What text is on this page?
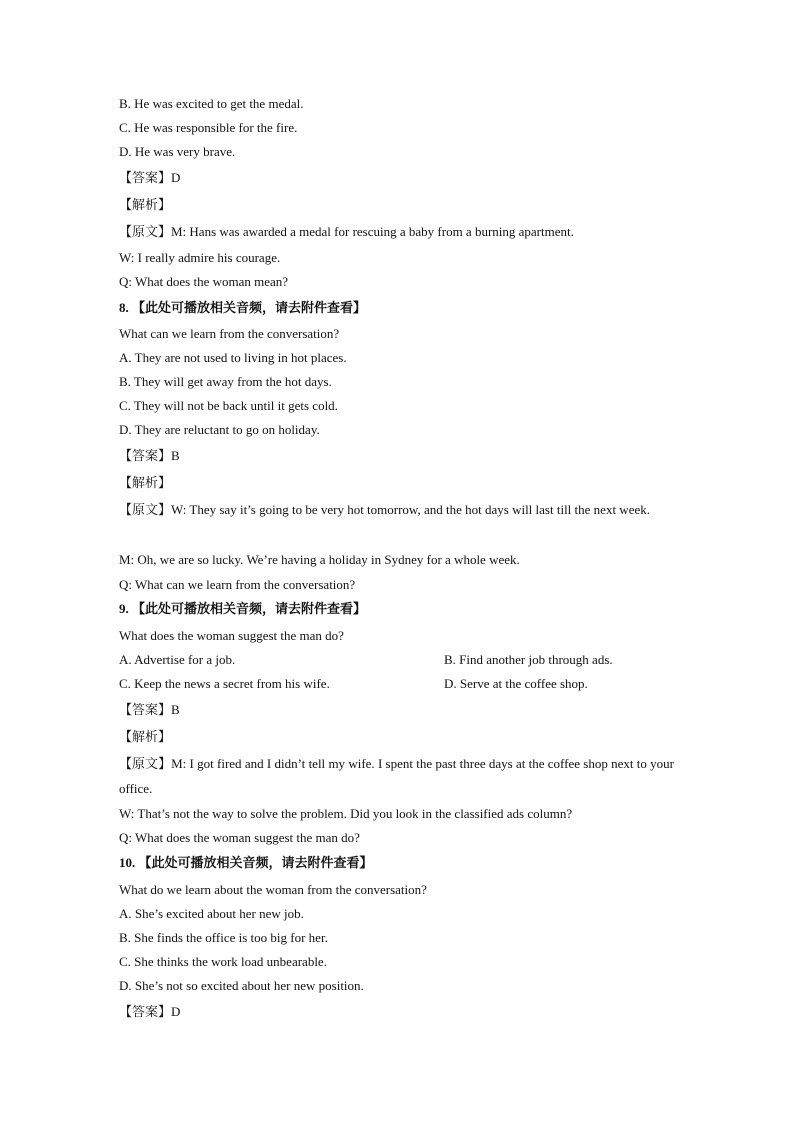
B. He was excited to get the medal.
C. He was responsible for the fire.
D. He was very brave.
【答案】D
【解析】
【原文】M: Hans was awarded a medal for rescuing a baby from a burning apartment.
W: I really admire his courage.
Q: What does the woman mean?
8. 【此处可播放相关音频，请去附件查看】
What can we learn from the conversation?
A. They are not used to living in hot places.
B. They will get away from the hot days.
C. They will not be back until it gets cold.
D. They are reluctant to go on holiday.
【答案】B
【解析】
【原文】W: They say it’s going to be very hot tomorrow, and the hot days will last till the next week.
M: Oh, we are so lucky. We’re having a holiday in Sydney for a whole week.
Q: What can we learn from the conversation?
9. 【此处可播放相关音频，请去附件查看】
What does the woman suggest the man do?
A. Advertise for a job.	B. Find another job through ads.
C. Keep the news a secret from his wife.	D. Serve at the coffee shop.
【答案】B
【解析】
【原文】M: I got fired and I didn’t tell my wife. I spent the past three days at the coffee shop next to your office.
W: That’s not the way to solve the problem. Did you look in the classified ads column?
Q: What does the woman suggest the man do?
10. 【此处可播放相关音频，请去附件查看】
What do we learn about the woman from the conversation?
A. She’s excited about her new job.
B. She finds the office is too big for her.
C. She thinks the work load unbearable.
D. She’s not so excited about her new position.
【答案】D
